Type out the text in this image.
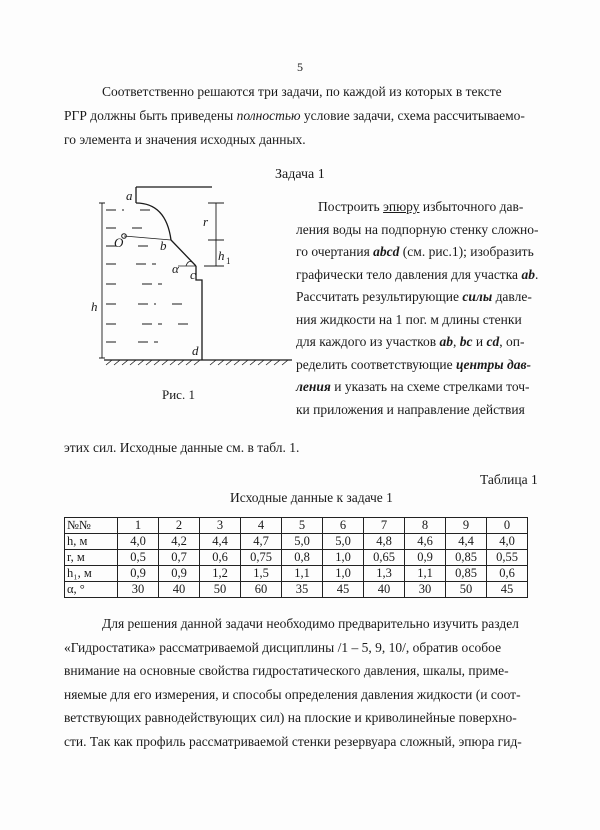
5
Соответственно решаются три задачи, по каждой из которых в тексте
РГР должны быть приведены полностью условие задачи, схема рассчитываемо-
го элемента и значения исходных данных.
Задача 1
a
r
O	b
α
h 1
c
h
d
Рис. 1
Построить эпюру избыточного дав-
ления воды на подпорную стенку сложно-
го очертания abcd (см. рис.1); изобразить
графически тело давления для участка ab.
Рассчитать результирующие силы давле-
ния жидкости на 1 пог. м длины стенки
для каждого из участков ab, bc и cd, оп-
ределить соответствующие центры дав-
ления и указать на схеме стрелками точ-
ки приложения и направление действия
этих сил. Исходные данные см. в табл. 1.
Таблица 1
Исходные данные к задаче 1
№№	1	2	3	4	5	6	7	8	9	0
h, м	4,0	4,2	4,4	4,7	5,0	5,0	4,8	4,6	4,4	4,0
r, м	0,5	0,7	0,6	0,75	0,8	1,0	0,65	0,9	0,85	0,55
h₁, м	0,9	0,9	1,2	1,5	1,1	1,0	1,3	1,1	0,85	0,6
α, °	30	40	50	60	35	45	40	30	50	45
Для решения данной задачи необходимо предварительно изучить раздел
«Гидростатика» рассматриваемой дисциплины /1 – 5, 9, 10/, обратив особое
внимание на основные свойства гидростатического давления, шкалы, приме-
няемые для его измерения, и способы определения давления жидкости (и соот-
ветствующих равнодействующих сил) на плоские и криволинейные поверхно-
сти. Так как профиль рассматриваемой стенки резервуара сложный, эпюра гид-
